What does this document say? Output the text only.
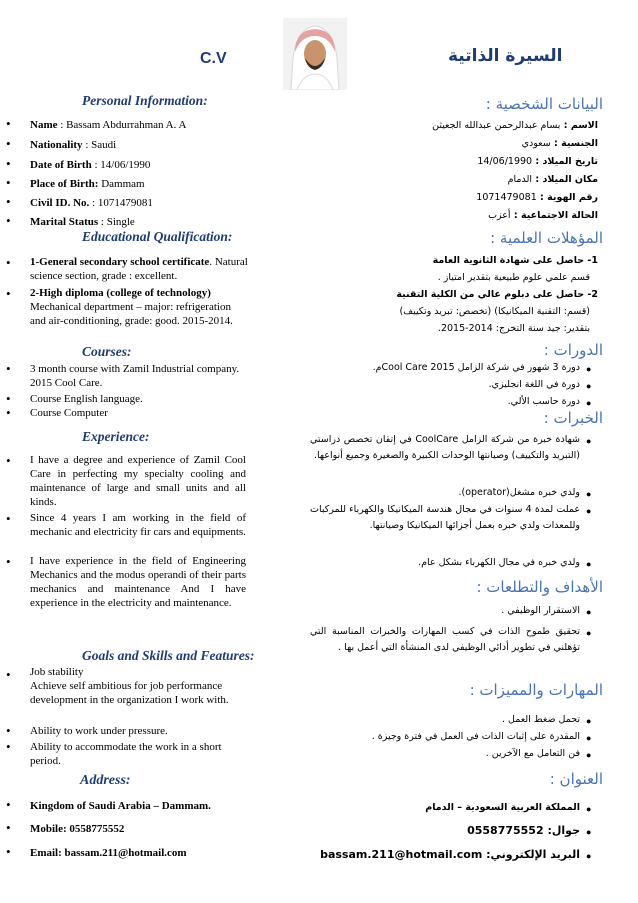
C.V	السيرة الذاتية
Personal Information:
• Name : Bassam Abdurrahman A. A
• Nationality : Saudi
• Date of Birth : 14/06/1990
• Place of Birth: Dammam
• Civil ID. No. : 1071479081
• Marital Status : Single
Educational Qualification:
• 1-General secondary school certificate. Natural science section, grade : excellent.
• 2-High diploma (college of technology) Mechanical department – major: refrigeration and air-conditioning, grade: good. 2015-2014.
Courses:
• 3 month course with Zamil Industrial company. 2015 Cool Care.
• Course English language.
• Course Computer
Experience:
• I have a degree and experience of Zamil Cool Care in perfecting my specialty cooling and maintenance of large and small units and all kinds.
• Since 4 years I am working in the field of mechanic and electricity fir cars and equipments.
• I have experience in the field of Engineering Mechanics and the modus operandi of their parts mechanics and maintenance And I have experience in the electricity and maintenance.
Goals and Skills and Features:
• Job stability
Achieve self ambitious for job performance development in the organization I work with.
• Ability to work under pressure.
• Ability to accommodate the work in a short period.
Address:
• Kingdom of Saudi Arabia – Dammam.
• Mobile: 0558775552
• Email: bassam.211@hotmail.com
البيانات الشخصية :
الاسم : بسام عبدالرحمن عبدالله الجعيثن
الجنسية : سعودي
تاريخ الميلاد : 14/06/1990
مكان الميلاد : الدمام
رقم الهوية : 1071479081
الحالة الاجتماعية : أعزب
المؤهلات العلمية :
1- حاصل على شهادة الثانوية العامة
قسم علمي علوم طبيعية بتقدير امتياز .
2- حاصل على دبلوم عالي من الكلية التقنية
(قسم: التقنية الميكانيكا) (تخصص: تبريد وتكييف)
بتقدير: جيد سنة التخرج: 2014-2015.
الدورات :
●
دورة 3 شهور في شركة الزامل Cool Care 2015م.
●
دورة في اللغة انجليزي.
●
دورة حاسب الألي.
الخبرات :
●
شهادة خبرة من شركة الزامل CoolCare في إتقان تخصص دراستي (التبريد والتكييف) وصيانتها الوحدات الكبيرة والصغيرة وجميع أنواعها.
●
ولدي خبره مشغل(operator).
●
عملت لمدة 4 سنوات في مجال هندسة الميكانيكا والكهرباء للمركبات وللمعدات ولدي خبره بعمل أجزائها الميكانيكا وصيانتها.
●
ولدي خبره في مجال الكهرباء بشكل عام.
الأهداف والتطلعات :
●
الاستقرار الوظيفي .
●
تحقيق طموح الذات في كسب المهارات والخبرات المناسبة التي تؤهلني في تطوير أدائي الوظيفي لدى المنشأة التي أعمل بها .
المهارات والمميزات :
●
تحمل ضغط العمل .
●
المقدرة على إثبات الذات في العمل في فترة وجيزة .
●
فن التعامل مع الآخرين .
العنوان :
●
المملكة العربية السعودية – الدمام
●
جوال: 0558775552
●
البريد الإلكتروني: bassam.211@hotmail.com
